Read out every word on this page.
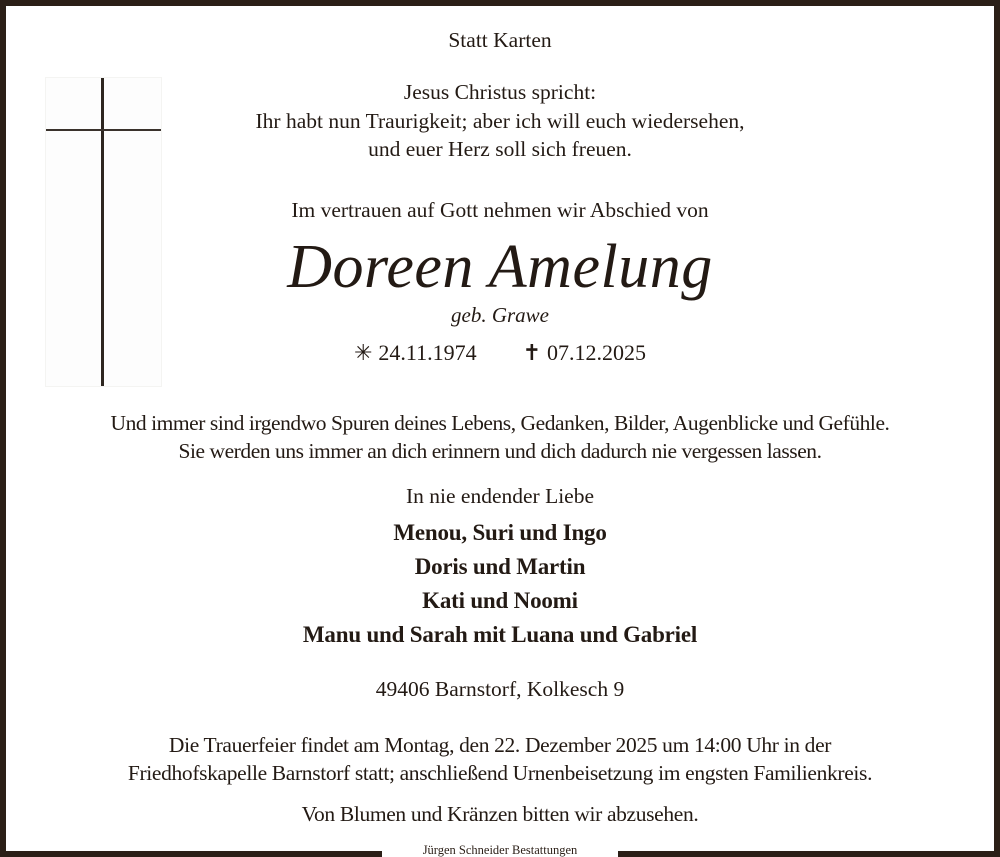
Statt Karten
Jesus Christus spricht:
Ihr habt nun Traurigkeit; aber ich will euch wiedersehen,
und euer Herz soll sich freuen.
Im vertrauen auf Gott nehmen wir Abschied von
Doreen Amelung
geb. Grawe
✳ 24.11.1974 ✝ 07.12.2025
Und immer sind irgendwo Spuren deines Lebens, Gedanken, Bilder, Augenblicke und Gefühle.
Sie werden uns immer an dich erinnern und dich dadurch nie vergessen lassen.
In nie endender Liebe
Menou, Suri und Ingo
Doris und Martin
Kati und Noomi
Manu und Sarah mit Luana und Gabriel
49406 Barnstorf, Kolkesch 9
Die Trauerfeier findet am Montag, den 22. Dezember 2025 um 14:00 Uhr in der
Friedhofskapelle Barnstorf statt; anschließend Urnenbeisetzung im engsten Familienkreis.
Von Blumen und Kränzen bitten wir abzusehen.
Jürgen Schneider Bestattungen
